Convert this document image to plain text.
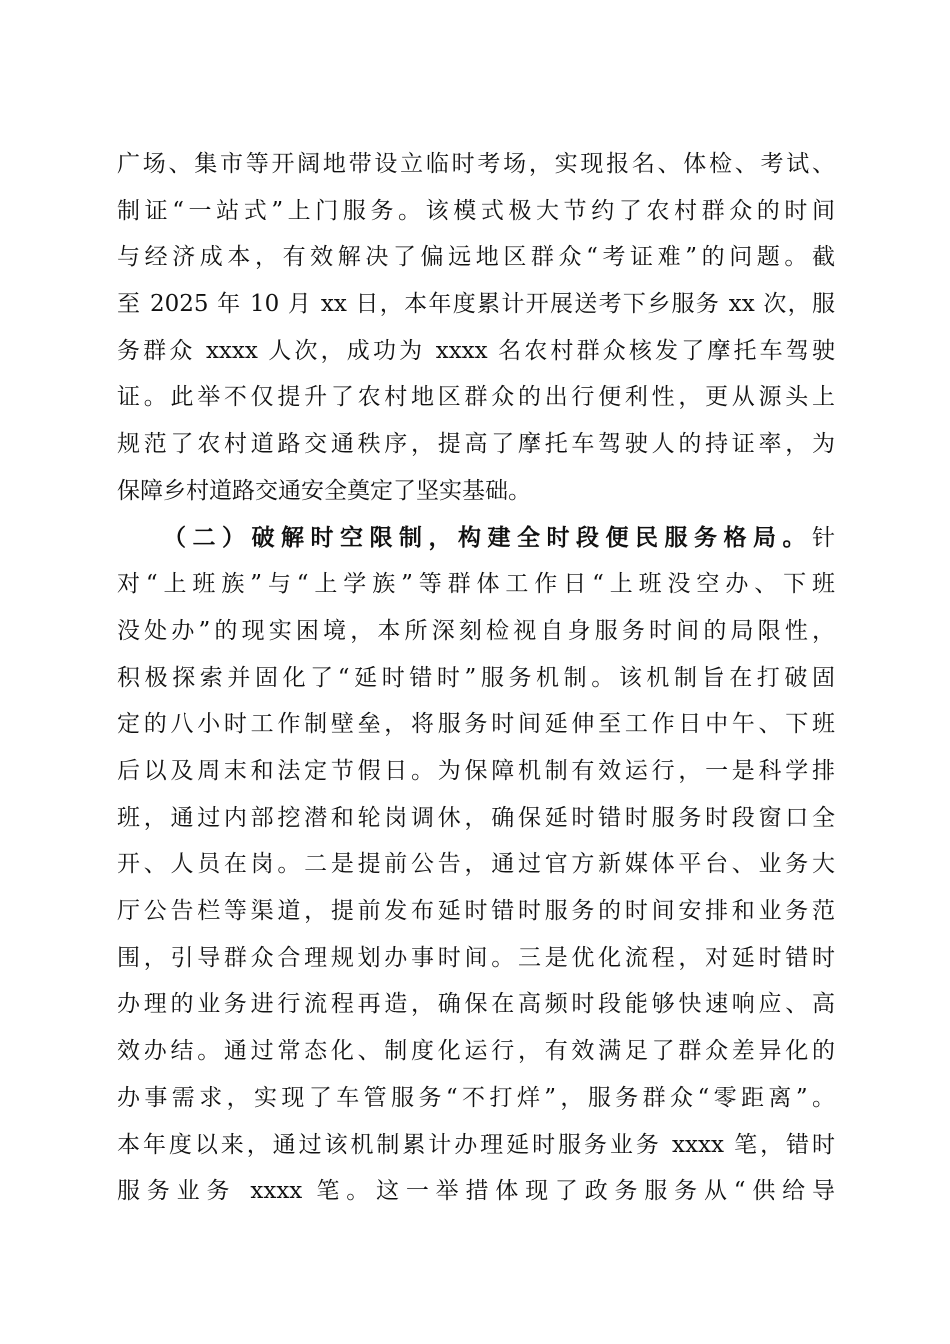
广场、集市等开阔地带设立临时考场，实现报名、体检、考试、
制证“一站式”上门服务。该模式极大节约了农村群众的时间
与经济成本，有效解决了偏远地区群众“考证难”的问题。截
至 2025 年 10 月 xx 日，本年度累计开展送考下乡服务 xx 次，服
务群众 xxxx 人次，成功为 xxxx 名农村群众核发了摩托车驾驶
证。此举不仅提升了农村地区群众的出行便利性，更从源头上
规范了农村道路交通秩序，提高了摩托车驾驶人的持证率，为
保障乡村道路交通安全奠定了坚实基础。
（二）破解时空限制，构建全时段便民服务格局。针
对“上班族”与“上学族”等群体工作日“上班没空办、下班
没处办”的现实困境，本所深刻检视自身服务时间的局限性，
积极探索并固化了“延时错时”服务机制。该机制旨在打破固
定的八小时工作制壁垒，将服务时间延伸至工作日中午、下班
后以及周末和法定节假日。为保障机制有效运行，一是科学排
班，通过内部挖潜和轮岗调休，确保延时错时服务时段窗口全
开、人员在岗。二是提前公告，通过官方新媒体平台、业务大
厅公告栏等渠道，提前发布延时错时服务的时间安排和业务范
围，引导群众合理规划办事时间。三是优化流程，对延时错时
办理的业务进行流程再造，确保在高频时段能够快速响应、高
效办结。通过常态化、制度化运行，有效满足了群众差异化的
办事需求，实现了车管服务“不打烊”，服务群众“零距离”。
本年度以来，通过该机制累计办理延时服务业务 xxxx 笔，错时
服务业务 xxxx 笔。这一举措体现了政务服务从“供给导
